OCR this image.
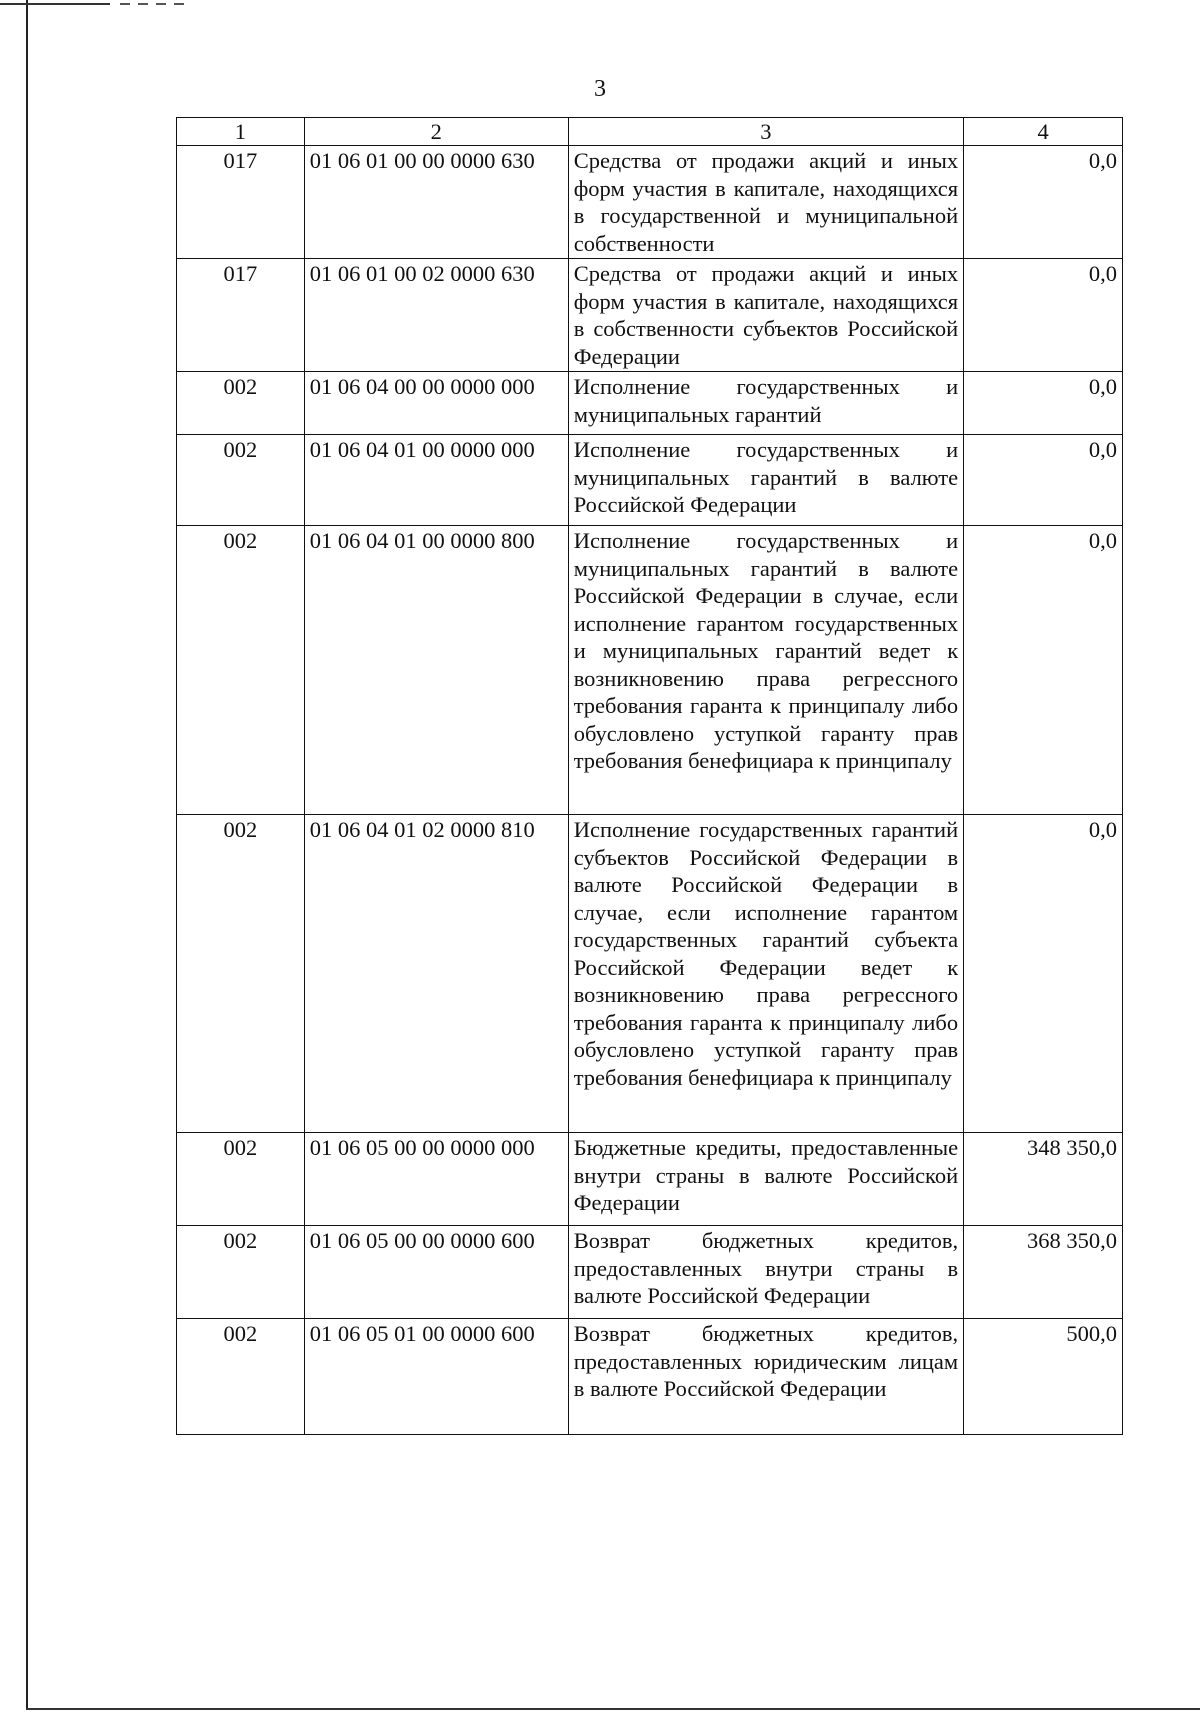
3
1	2	3	4
017	01 06 01 00 00 0000 630	Средства от продажи акций и иных форм участия в капитале, находящихся в государственной и муниципальной собственности	0,0
017	01 06 01 00 02 0000 630	Средства от продажи акций и иных форм участия в капитале, находящихся в собственности субъектов Российской Федерации	0,0
002	01 06 04 00 00 0000 000	Исполнение государственных и муниципальных гарантий	0,0
002	01 06 04 01 00 0000 000	Исполнение государственных и муниципальных гарантий в валюте Российской Федерации	0,0
002	01 06 04 01 00 0000 800	Исполнение государственных и муниципальных гарантий в валюте Российской Федерации в случае, если исполнение гарантом государственных и муниципальных гарантий ведет к возникновению права регрессного требования гаранта к принципалу либо обусловлено уступкой гаранту прав требования бенефициара к принципалу	0,0
002	01 06 04 01 02 0000 810	Исполнение государственных гарантий субъектов Российской Федерации в валюте Российской Федерации в случае, если исполнение гарантом государственных гарантий субъекта Российской Федерации ведет к возникновению права регрессного требования гаранта к принципалу либо обусловлено уступкой гаранту прав требования бенефициара к принципалу	0,0
002	01 06 05 00 00 0000 000	Бюджетные кредиты, предоставленные внутри страны в валюте Российской Федерации	348 350,0
002	01 06 05 00 00 0000 600	Возврат бюджетных кредитов, предоставленных внутри страны в валюте Российской Федерации	368 350,0
002	01 06 05 01 00 0000 600	Возврат бюджетных кредитов, предоставленных юридическим лицам в валюте Российской Федерации	500,0
